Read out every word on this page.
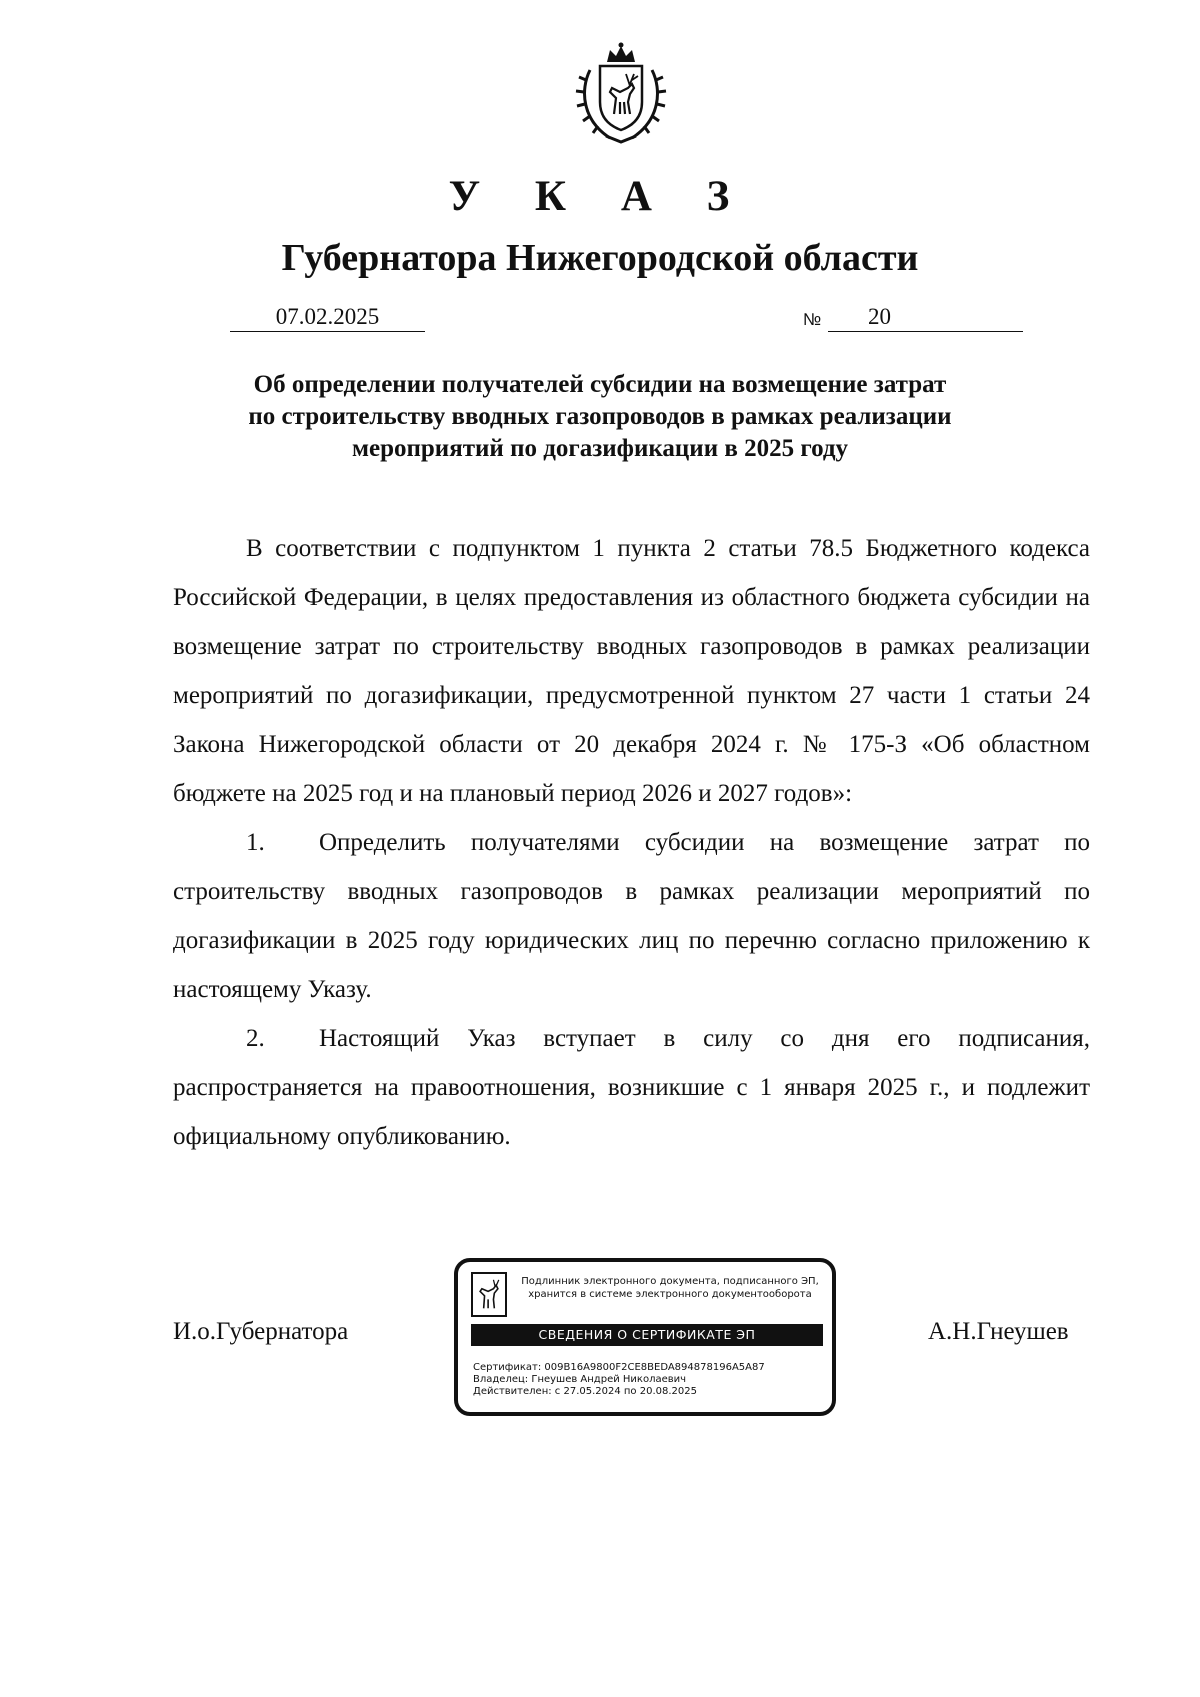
У К А З
Губернатора Нижегородской области
07.02.2025	№	20
Об определении получателей субсидии на возмещение затрат
по строительству вводных газопроводов в рамках реализации
мероприятий по догазификации в 2025 году

В соответствии с подпунктом 1 пункта 2 статьи 78.5 Бюджетного кодекса Российской Федерации, в целях предоставления из областного бюджета субсидии на возмещение затрат по строительству вводных газопроводов в рамках реализации мероприятий по догазификации, предусмотренной пунктом 27 части 1 статьи 24 Закона Нижегородской области от 20 декабря 2024 г. № 175-З «Об областном бюджете на 2025 год и на плановый период 2026 и 2027 годов»:

1. Определить получателями субсидии на возмещение затрат по строительству вводных газопроводов в рамках реализации мероприятий по догазификации в 2025 году юридических лиц по перечню согласно приложению к настоящему Указу.

2. Настоящий Указ вступает в силу со дня его подписания, распространяется на правоотношения, возникшие с 1 января 2025 г., и подлежит официальному опубликованию.

И.о.Губернатора	А.Н.Гнеушев
Подлинник электронного документа, подписанного ЭП,
хранится в системе электронного документооборота
СВЕДЕНИЯ О СЕРТИФИКАТЕ ЭП
Сертификат: 009B16A9800F2CE8BEDA894878196A5A87
Владелец: Гнеушев Андрей Николаевич
Действителен: с 27.05.2024 по 20.08.2025
